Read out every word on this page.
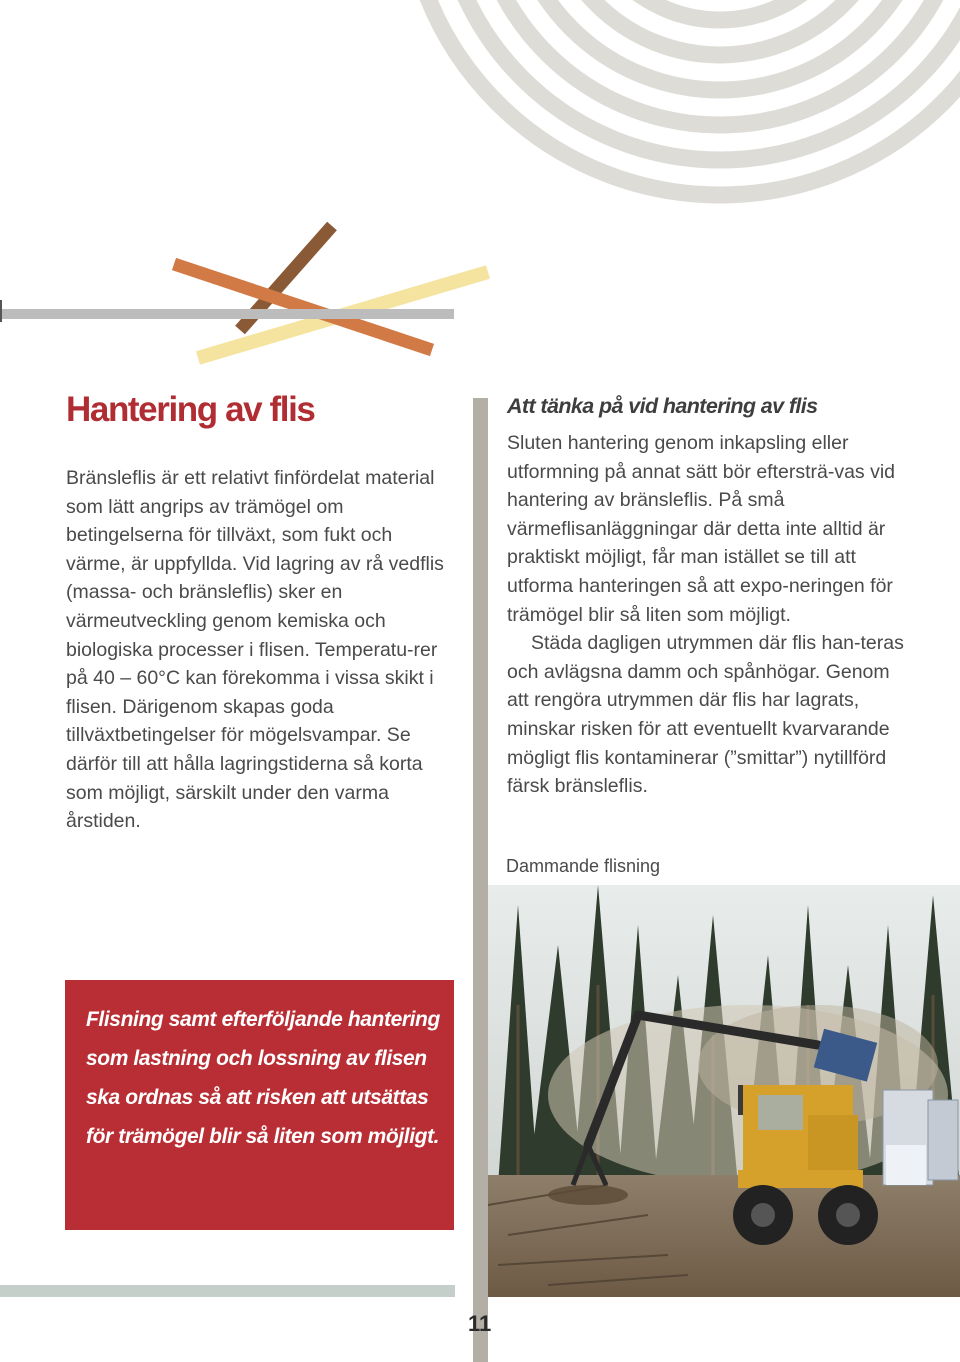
Hantering av flis

Bränsleflis är ett relativt finfördelat material som lätt angrips av trämögel om betingelserna för tillväxt, som fukt och värme, är uppfyllda. Vid lagring av rå vedflis (massa- och bränsleflis) sker en värmeutveckling genom kemiska och biologiska processer i flisen. Temperatu-rer på 40 – 60°C kan förekomma i vissa skikt i flisen. Därigenom skapas goda tillväxtbetingelser för mögelsvampar. Se därför till att hålla lagringstiderna så korta som möjligt, särskilt under den varma årstiden.

Att tänka på vid hantering av flis

Sluten hantering genom inkapsling eller utformning på annat sätt bör eftersträ-vas vid hantering av bränsleflis. På små värmeflisanläggningar där detta inte alltid är praktiskt möjligt, får man istället se till att utforma hanteringen så att expo-neringen för trämögel blir så liten som möjligt.

Städa dagligen utrymmen där flis han-teras och avlägsna damm och spånhögar. Genom att rengöra utrymmen där flis har lagrats, minskar risken för att eventuellt kvarvarande mögligt flis kontaminerar (”smittar”) nytillförd färsk bränsleflis.

Dammande flisning
Flisning samt efterföljande hantering som lastning och lossning av flisen ska ordnas så att risken att utsättas för trämögel blir så liten som möjligt.
11
